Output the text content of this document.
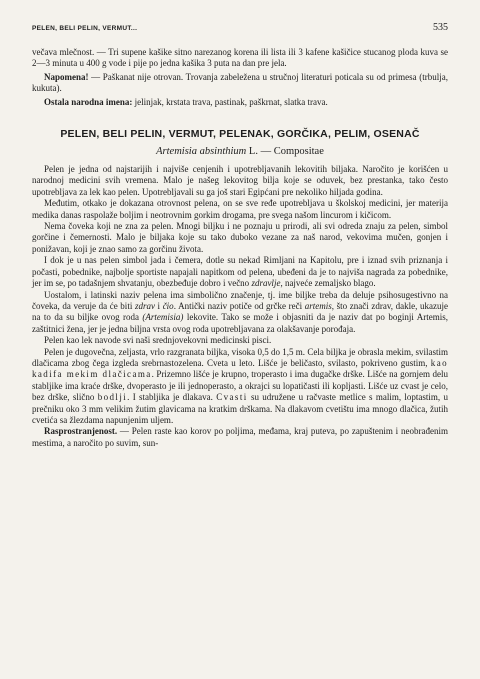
PELEN, BELI PELIN, VERMUT...	535

večava mlečnost. — Tri supene kašike sitno narezanog korena ili lista ili 3 kafene kašičice stucanog ploda kuva se 2—3 minuta u 400 g vode i pije po jedna kašika 3 puta na dan pre jela.

Napomena! — Paškanat nije otrovan. Trovanja zabeležena u stručnoj literaturi poticala su od primesa (trbulja, kukuta).

Ostala narodna imena: jelinjak, krstata trava, pastinak, paškrnat, slatka trava.

PELEN, BELI PELIN, VERMUT, PELENAK, GORČIKA, PELIM, OSENAČ
Artemisia absinthium L. — Compositae

Pelen je jedna od najstarijih i najviše cenjenih i upotrebljavanih lekovitih biljaka. Naročito je korišćen u narodnoj medicini svih vremena. Malo je našeg lekovitog bilja koje se oduvek, bez prestanka, tako često upotrebljava za lek kao pelen. Upotrebljavali su ga još stari Egipćani pre nekoliko hiljada godina.

Međutim, otkako je dokazana otrovnost pelena, on se sve ređe upotrebljava u školskoj medicini, jer materija medika danas raspolaže boljim i neotrovnim gorkim drogama, pre svega našom lincurom i kičicom.

Nema čoveka koji ne zna za pelen. Mnogi biljku i ne poznaju u prirodi, ali svi odreda znaju za pelen, simbol gorčine i čemernosti. Malo je biljaka koje su tako duboko vezane za naš narod, vekovima mučen, gonjen i ponižavan, koji je znao samo za gorčinu života.

I dok je u nas pelen simbol jada i čemera, dotle su nekad Rimljani na Kapitolu, pre i iznad svih priznanja i počasti, pobednike, najbolje sportiste napajali napitkom od pelena, ubeđeni da je to najviša nagrada za pobednike, jer im se, po tadašnjem shvatanju, obezbeđuje dobro i večno zdravlje, najveće zemaljsko blago.

Uostalom, i latinski naziv pelena ima simbolično značenje, tj. ime biljke treba da deluje psihosugestivno na čoveka, da veruje da će biti zdrav i čio. Antički naziv potiče od grčke reči artemis, što znači zdrav, dakle, ukazuje na to da su biljke ovog roda (Artemisia) lekovite. Tako se može i objasniti da je naziv dat po boginji Artemis, zaštitnici žena, jer je jedna biljna vrsta ovog roda upotrebljavana za olakšavanje porođaja.

Pelen kao lek navode svi naši srednjovekovni medicinski pisci.

Pelen je dugovečna, zeljasta, vrlo razgranata biljka, visoka 0,5 do 1,5 m. Cela biljka je obrasla mekim, svilastim dlačicama zbog čega izgleda srebrnastozelena. Cveta u leto. Lišće je beličasto, svilasto, pokriveno gustim, kao kadifa mekim dlačicama. Prizemno lišće je krupno, troperasto i ima dugačke drške. Lišće na gornjem delu stabljike ima kraće drške, dvoperasto je ili jednoperasto, a okrajci su lopatičasti ili kopljasti. Lišće uz cvast je celo, bez drške, slično bodlji. I stabljika je dlakava. Cvasti su udružene u račvaste metlice s malim, loptastim, u prečniku oko 3 mm velikim žutim glavicama na kratkim drškama. Na dlakavom cvetištu ima mnogo dlačica, žutih cvetića sa žlezdama napunjenim uljem.

Rasprostranjenost. — Pelen raste kao korov po poljima, međama, kraj puteva, po zapuštenim i neobrađenim mestima, a naročito po suvim, sun-
